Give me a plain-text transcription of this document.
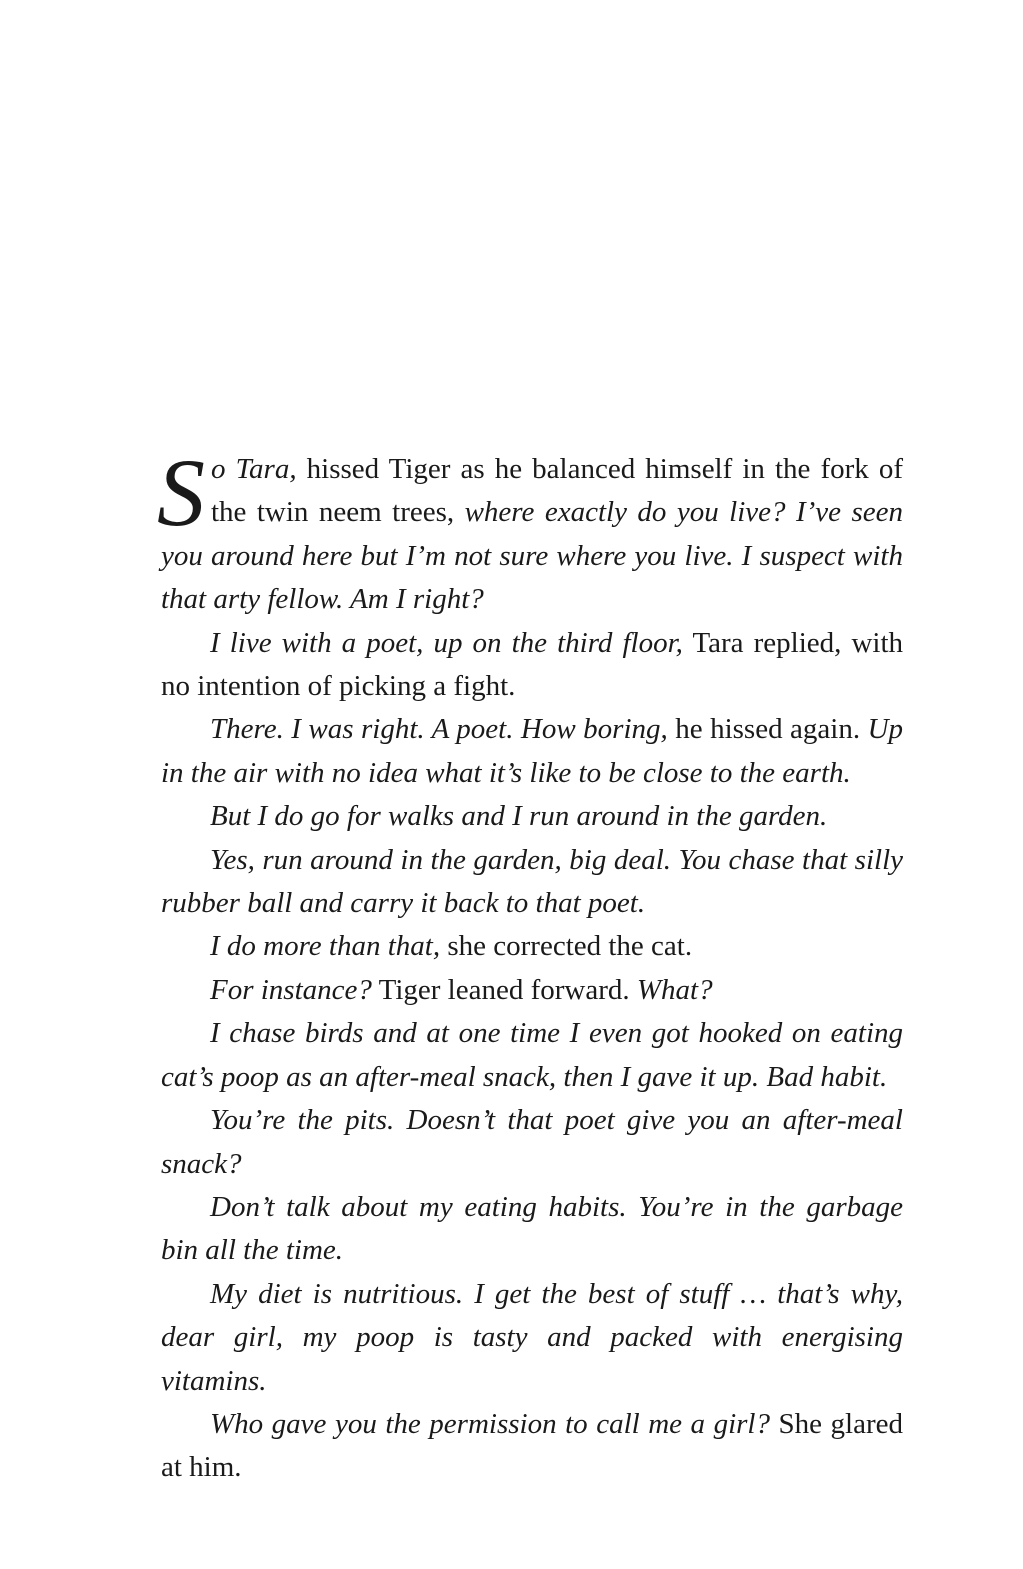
So Tara, hissed Tiger as he balanced himself in the fork of the twin neem trees, where exactly do you live? I’ve seen you around here but I’m not sure where you live. I suspect with that arty fellow. Am I right?

I live with a poet, up on the third floor, Tara replied, with no intention of picking a fight.

There. I was right. A poet. How boring, he hissed again. Up in the air with no idea what it’s like to be close to the earth.

But I do go for walks and I run around in the garden.

Yes, run around in the garden, big deal. You chase that silly rubber ball and carry it back to that poet.

I do more than that, she corrected the cat.

For instance? Tiger leaned forward. What?

I chase birds and at one time I even got hooked on eating cat’s poop as an after-meal snack, then I gave it up. Bad habit.

You’re the pits. Doesn’t that poet give you an after-meal snack?

Don’t talk about my eating habits. You’re in the garbage bin all the time.

My diet is nutritious. I get the best of stuff … that’s why, dear girl, my poop is tasty and packed with energising vitamins.

Who gave you the permission to call me a girl? She glared at him.
